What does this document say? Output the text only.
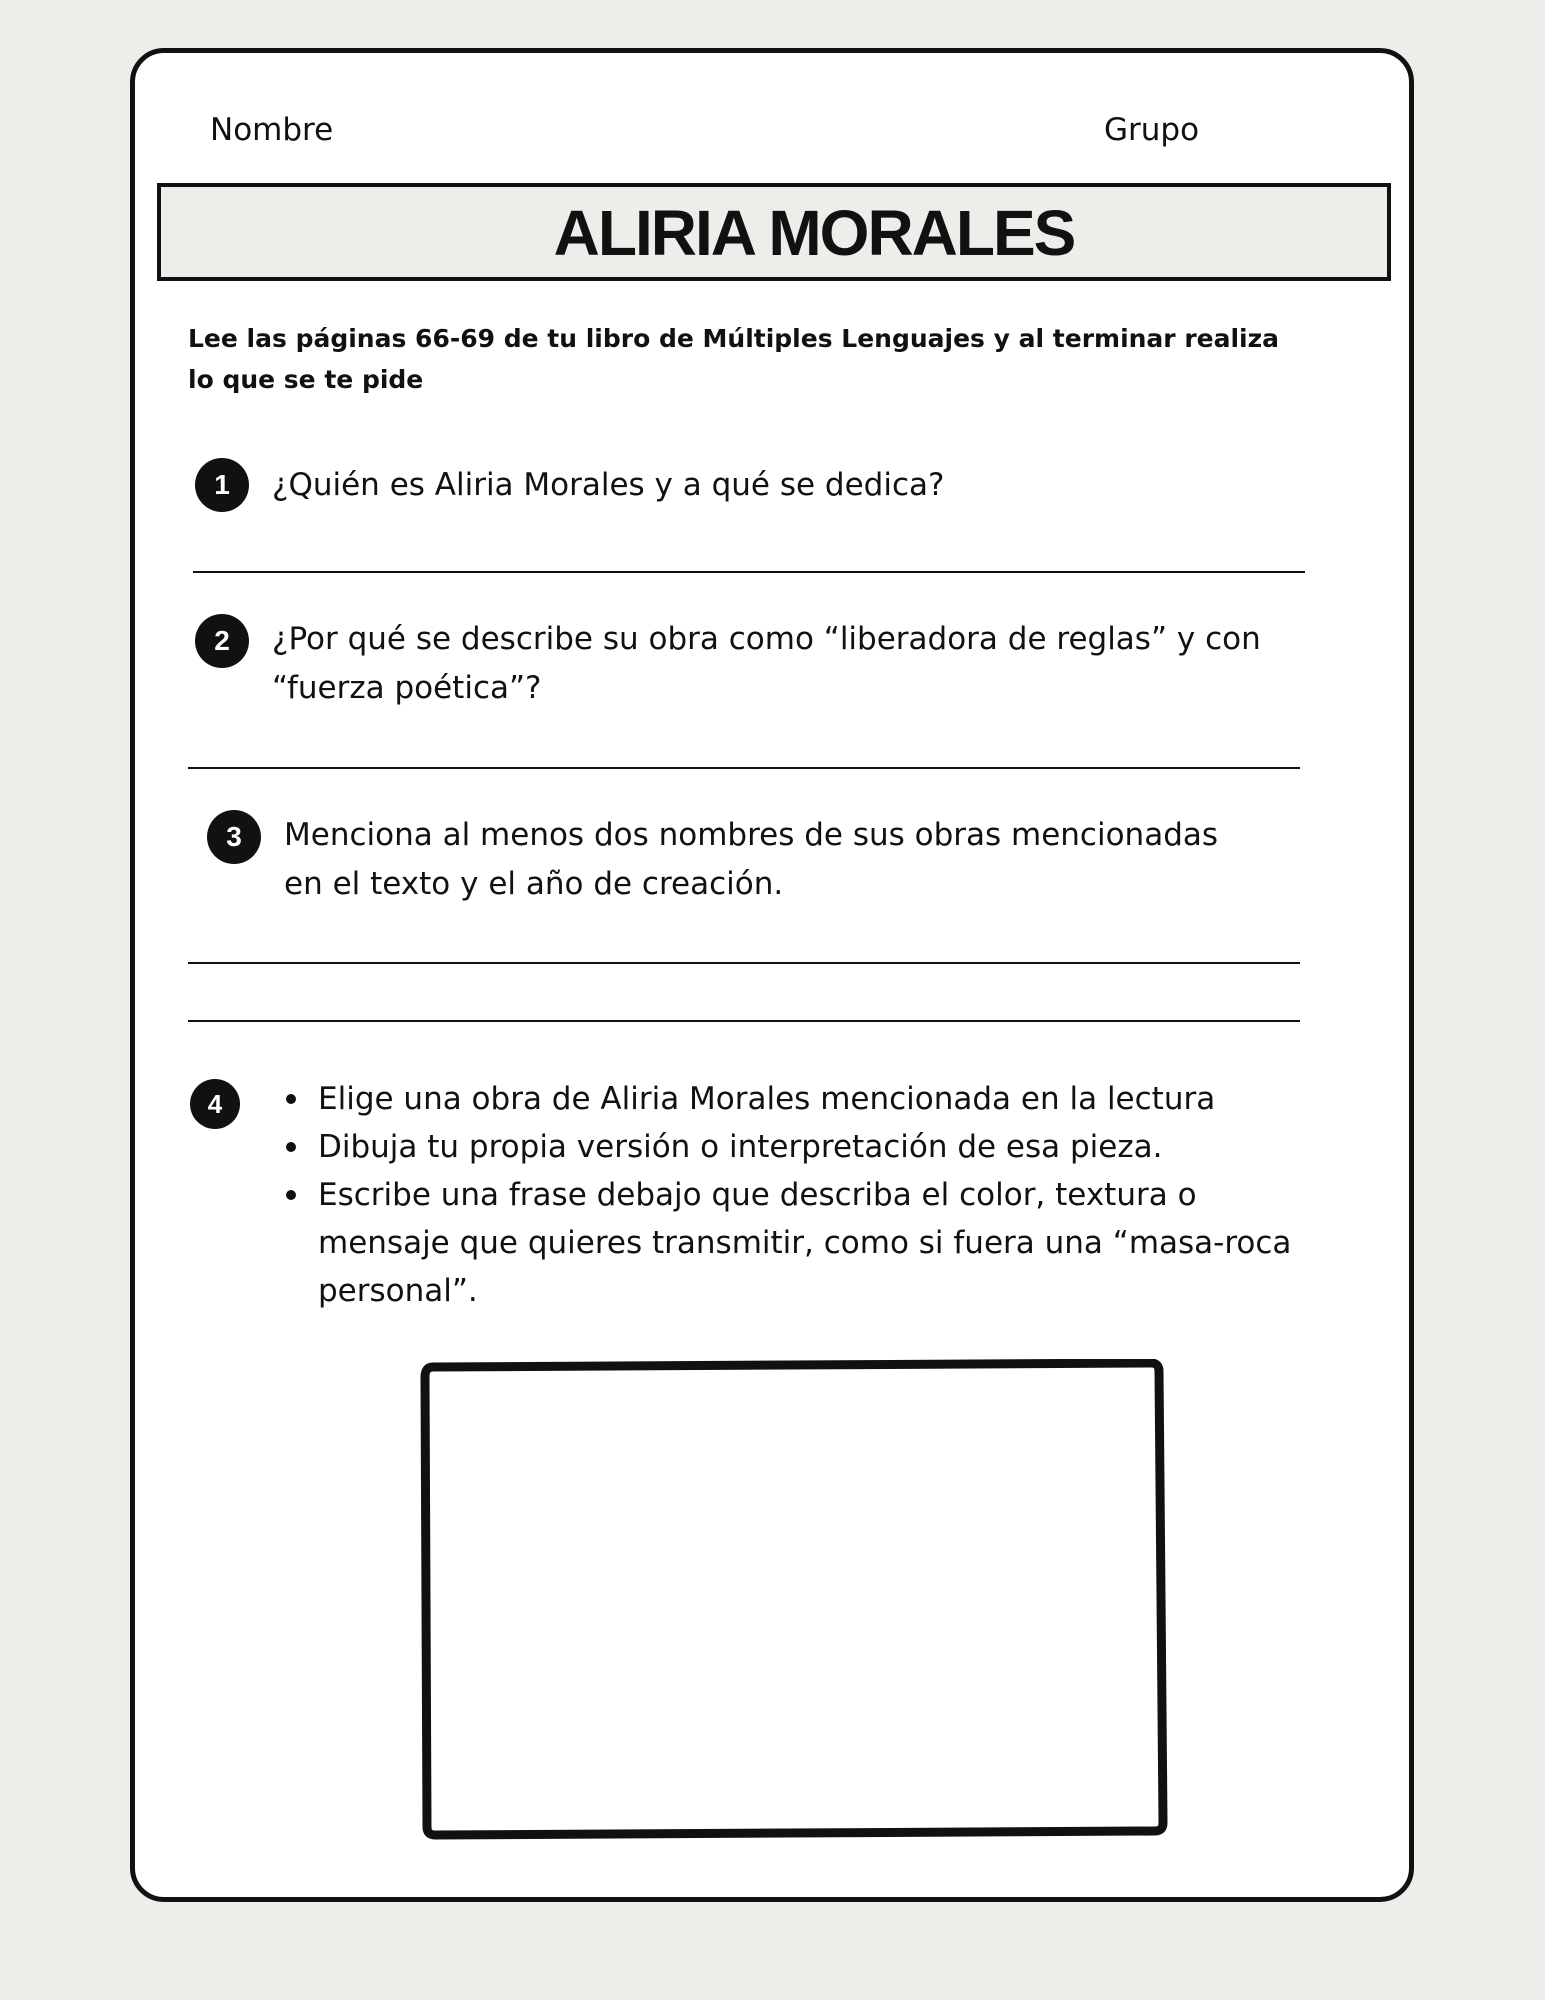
Nombre	Grupo
ALIRIA MORALES
Lee las páginas 66-69 de tu libro de Múltiples Lenguajes y al terminar realiza lo que se te pide
1	¿Quién es Aliria Morales y a qué se dedica?
2	¿Por qué se describe su obra como “liberadora de reglas” y con
“fuerza poética”?
3	Menciona al menos dos nombres de sus obras mencionadas
en el texto y el año de creación.
4	Elige una obra de Aliria Morales mencionada en la lectura
Dibuja tu propia versión o interpretación de esa pieza.
Escribe una frase debajo que describa el color, textura o mensaje que quieres transmitir, como si fuera una “masa-roca personal”.
